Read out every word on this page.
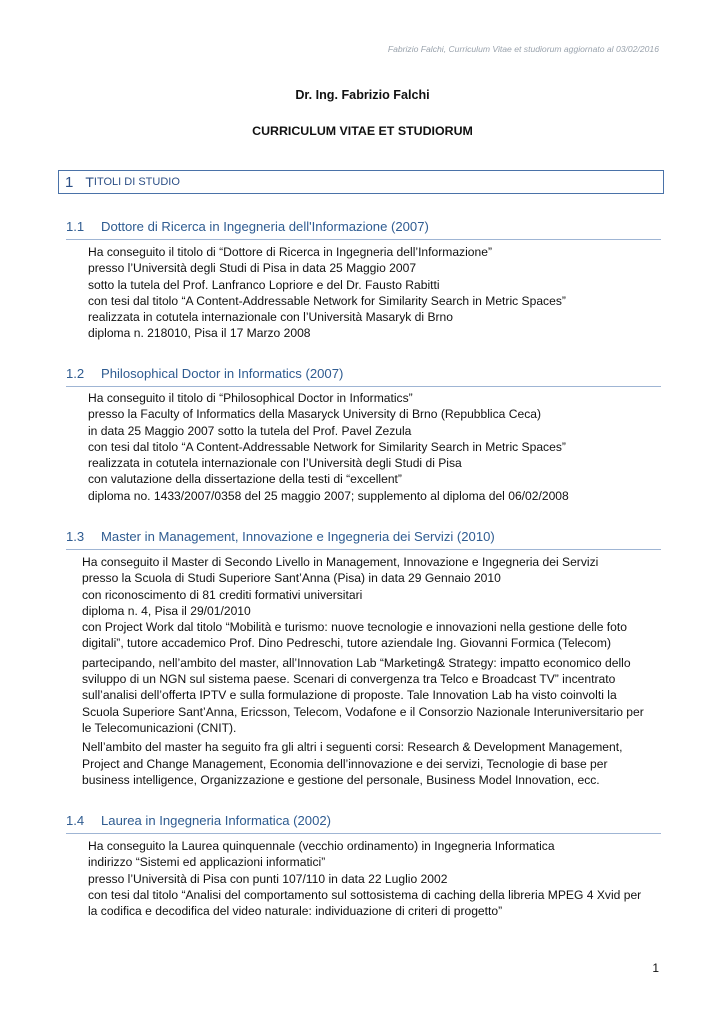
Fabrizio Falchi, Curriculum Vitae et studiorum aggiornato al 03/02/2016
Dr. Ing. Fabrizio Falchi
CURRICULUM VITAE ET STUDIORUM
1 T ITOLI DI STUDIO
1.1	Dottore di Ricerca in Ingegneria dell'Informazione (2007)

Ha conseguito il titolo di “Dottore di Ricerca in Ingegneria dell’Informazione”

presso l’Università degli Studi di Pisa in data 25 Maggio 2007

sotto la tutela del Prof. Lanfranco Lopriore e del Dr. Fausto Rabitti

con tesi dal titolo “A Content-Addressable Network for Similarity Search in Metric Spaces”

realizzata in cotutela internazionale con l’Università Masaryk di Brno

diploma n. 218010, Pisa il 17 Marzo 2008

1.2	Philosophical Doctor in Informatics (2007)

Ha conseguito il titolo di “Philosophical Doctor in Informatics”

presso la Faculty of Informatics della Masaryck University di Brno (Repubblica Ceca)

in data 25 Maggio 2007 sotto la tutela del Prof. Pavel Zezula

con tesi dal titolo “A Content-Addressable Network for Similarity Search in Metric Spaces”

realizzata in cotutela internazionale con l’Università degli Studi di Pisa

con valutazione della dissertazione della testi di “excellent”

diploma no. 1433/2007/0358 del 25 maggio 2007; supplemento al diploma del 06/02/2008

1.3	Master in Management, Innovazione e Ingegneria dei Servizi (2010)

Ha conseguito il Master di Secondo Livello in Management, Innovazione e Ingegneria dei Servizi

presso la Scuola di Studi Superiore Sant’Anna (Pisa) in data 29 Gennaio 2010

con riconoscimento di 81 crediti formativi universitari

diploma n. 4, Pisa il 29/01/2010

con Project Work dal titolo “Mobilità e turismo: nuove tecnologie e innovazioni nella gestione delle foto

digitali”, tutore accademico Prof. Dino Pedreschi, tutore aziendale Ing. Giovanni Formica (Telecom)

partecipando, nell’ambito del master, all’Innovation Lab “Marketing& Strategy: impatto economico dello

sviluppo di un NGN sul sistema paese. Scenari di convergenza tra Telco e Broadcast TV” incentrato

sull’analisi dell’offerta IPTV e sulla formulazione di proposte. Tale Innovation Lab ha visto coinvolti la

Scuola Superiore Sant’Anna, Ericsson, Telecom, Vodafone e il Consorzio Nazionale Interuniversitario per

le Telecomunicazioni (CNIT).

Nell’ambito del master ha seguito fra gli altri i seguenti corsi: Research & Development Management,

Project and Change Management, Economia dell’innovazione e dei servizi, Tecnologie di base per

business intelligence, Organizzazione e gestione del personale, Business Model Innovation, ecc.

1.4	Laurea in Ingegneria Informatica (2002)

Ha conseguito la Laurea quinquennale (vecchio ordinamento) in Ingegneria Informatica

indirizzo “Sistemi ed applicazioni informatici”

presso l’Università di Pisa con punti 107/110 in data 22 Luglio 2002

con tesi dal titolo “Analisi del comportamento sul sottosistema di caching della libreria MPEG 4 Xvid per

la codifica e decodifica del video naturale: individuazione di criteri di progetto”

1
